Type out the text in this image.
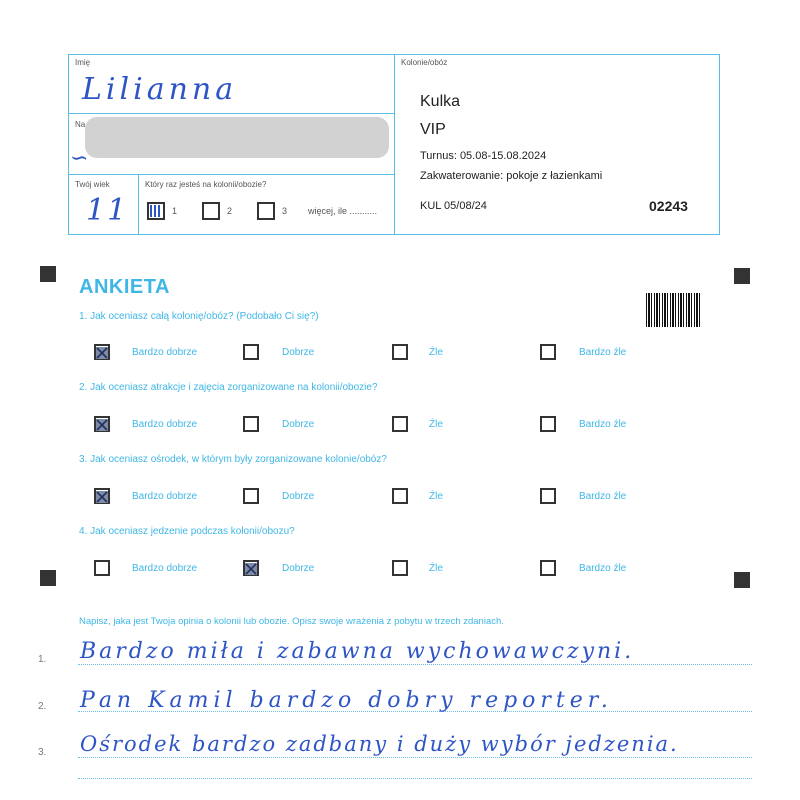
Imię
Lilianna
Na
∽
Twój wiek
11
Który raz jesteś na kolonii/obozie?
1	2	3 więcej, ile ...........
Kolonie/obóz
Kulka
VIP
Turnus: 05.08-15.08.2024
Zakwaterowanie: pokoje z łazienkami
KUL 05/08/24	02243
ANKIETA
1. Jak oceniasz całą kolonię/obóz? (Podobało Ci się?)
2. Jak oceniasz atrakcje i zajęcia zorganizowane na kolonii/obozie?
3. Jak oceniasz ośrodek, w którym były zorganizowane kolonie/obóz?
4. Jak oceniasz jedzenie podczas kolonii/obozu?
Bardzo dobrze	Dobrze	Źle	Bardzo źle
Bardzo dobrze	Dobrze	Źle	Bardzo źle
Bardzo dobrze	Dobrze	Źle	Bardzo źle
Bardzo dobrze	Dobrze	Źle	Bardzo źle
Napisz, jaka jest Twoja opinia o kolonii lub obozie. Opisz swoje wrażenia z pobytu w trzech zdaniach.
1. Bardzo miła i zabawna wychowawczyni.
2. Pan Kamil bardzo dobry reporter.
3. Ośrodek bardzo zadbany i duży wybór jedzenia.
